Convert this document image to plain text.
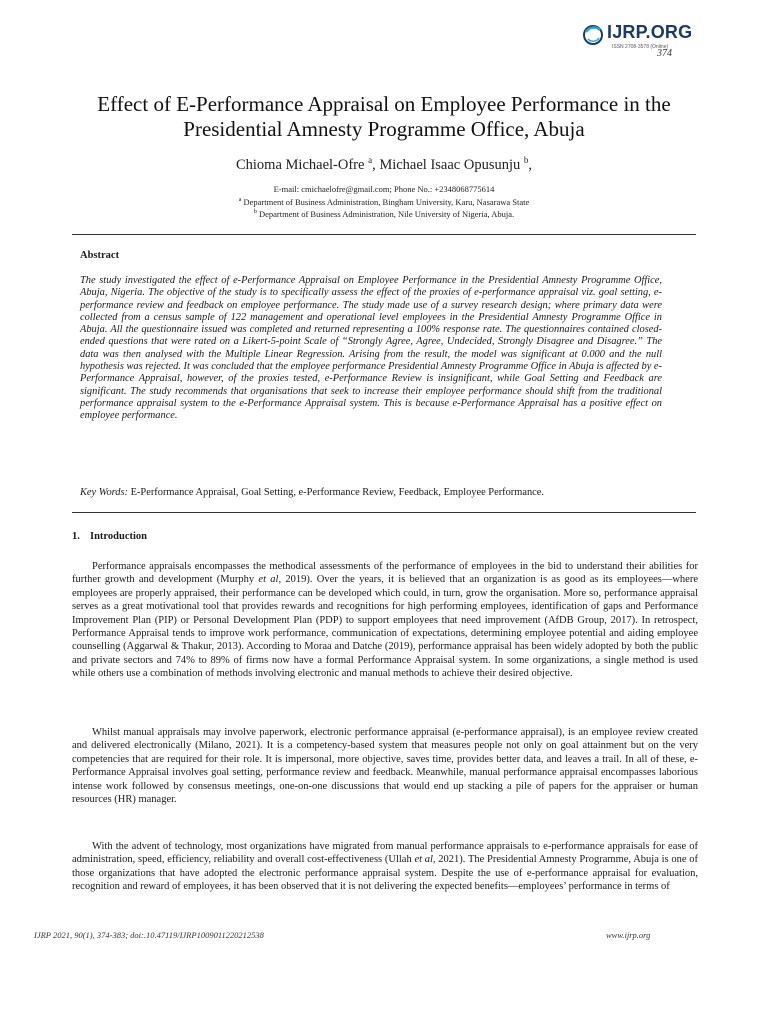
IJRP.ORG
ISSN 2708-3578 (Online)
374
Effect of E-Performance Appraisal on Employee Performance in the
Presidential Amnesty Programme Office, Abuja
Chioma Michael-Ofre $^a$, Michael Isaac Opusunju $^b$,
E-mail: cmichaelofre@gmail.com; Phone No.: +2348068775614
$^a$ Department of Business Administration, Bingham University, Karu, Nasarawa State
$^b$ Department of Business Administration, Nile University of Nigeria, Abuja.
Abstract
The study investigated the effect of e-Performance Appraisal on Employee Performance in the Presidential Amnesty Programme Office, Abuja, Nigeria. The objective of the study is to specifically assess the effect of the proxies of e-performance appraisal viz. goal setting, e-performance review and feedback on employee performance. The study made use of a survey research design; where primary data were collected from a census sample of 122 management and operational level employees in the Presidential Amnesty Programme Office in Abuja. All the questionnaire issued was completed and returned representing a 100% response rate. The questionnaires contained closed-ended questions that were rated on a Likert-5-point Scale of “Strongly Agree, Agree, Undecided, Strongly Disagree and Disagree.” The data was then analysed with the Multiple Linear Regression. Arising from the result, the model was significant at 0.000 and the null hypothesis was rejected. It was concluded that the employee performance Presidential Amnesty Programme Office in Abuja is affected by e-Performance Appraisal, however, of the proxies tested, e-Performance Review is insignificant, while Goal Setting and Feedback are significant. The study recommends that organisations that seek to increase their employee performance should shift from the traditional performance appraisal system to the e-Performance Appraisal system. This is because e-Performance Appraisal has a positive effect on employee performance.
Key Words: E-Performance Appraisal, Goal Setting, e-Performance Review, Feedback, Employee Performance.
1. Introduction
Performance appraisals encompasses the methodical assessments of the performance of employees in the bid to understand their abilities for further growth and development (Murphy et al, 2019). Over the years, it is believed that an organization is as good as its employees—where employees are properly appraised, their performance can be developed which could, in turn, grow the organisation. More so, performance appraisal serves as a great motivational tool that provides rewards and recognitions for high performing employees, identification of gaps and Performance Improvement Plan (PIP) or Personal Development Plan (PDP) to support employees that need improvement (AfDB Group, 2017). In retrospect, Performance Appraisal tends to improve work performance, communication of expectations, determining employee potential and aiding employee counselling (Aggarwal & Thakur, 2013). According to Moraa and Datche (2019), performance appraisal has been widely adopted by both the public and private sectors and 74% to 89% of firms now have a formal Performance Appraisal system. In some organizations, a single method is used while others use a combination of methods involving electronic and manual methods to achieve their desired objective.
Whilst manual appraisals may involve paperwork, electronic performance appraisal (e-performance appraisal), is an employee review created and delivered electronically (Milano, 2021). It is a competency-based system that measures people not only on goal attainment but on the very competencies that are required for their role. It is impersonal, more objective, saves time, provides better data, and leaves a trail. In all of these, e-Performance Appraisal involves goal setting, performance review and feedback. Meanwhile, manual performance appraisal encompasses laborious intense work followed by consensus meetings, one-on-one discussions that would end up stacking a pile of papers for the appraiser or human resources (HR) manager.
With the advent of technology, most organizations have migrated from manual performance appraisals to e-performance appraisals for ease of administration, speed, efficiency, reliability and overall cost-effectiveness (Ullah et al, 2021). The Presidential Amnesty Programme, Abuja is one of those organizations that have adopted the electronic performance appraisal system. Despite the use of e-performance appraisal for evaluation, recognition and reward of employees, it has been observed that it is not delivering the expected benefits—employees’ performance in terms of
IJRP 2021, 90(1), 374-383; doi:.10.47119/IJRP1009011220212538	www.ijrp.org
